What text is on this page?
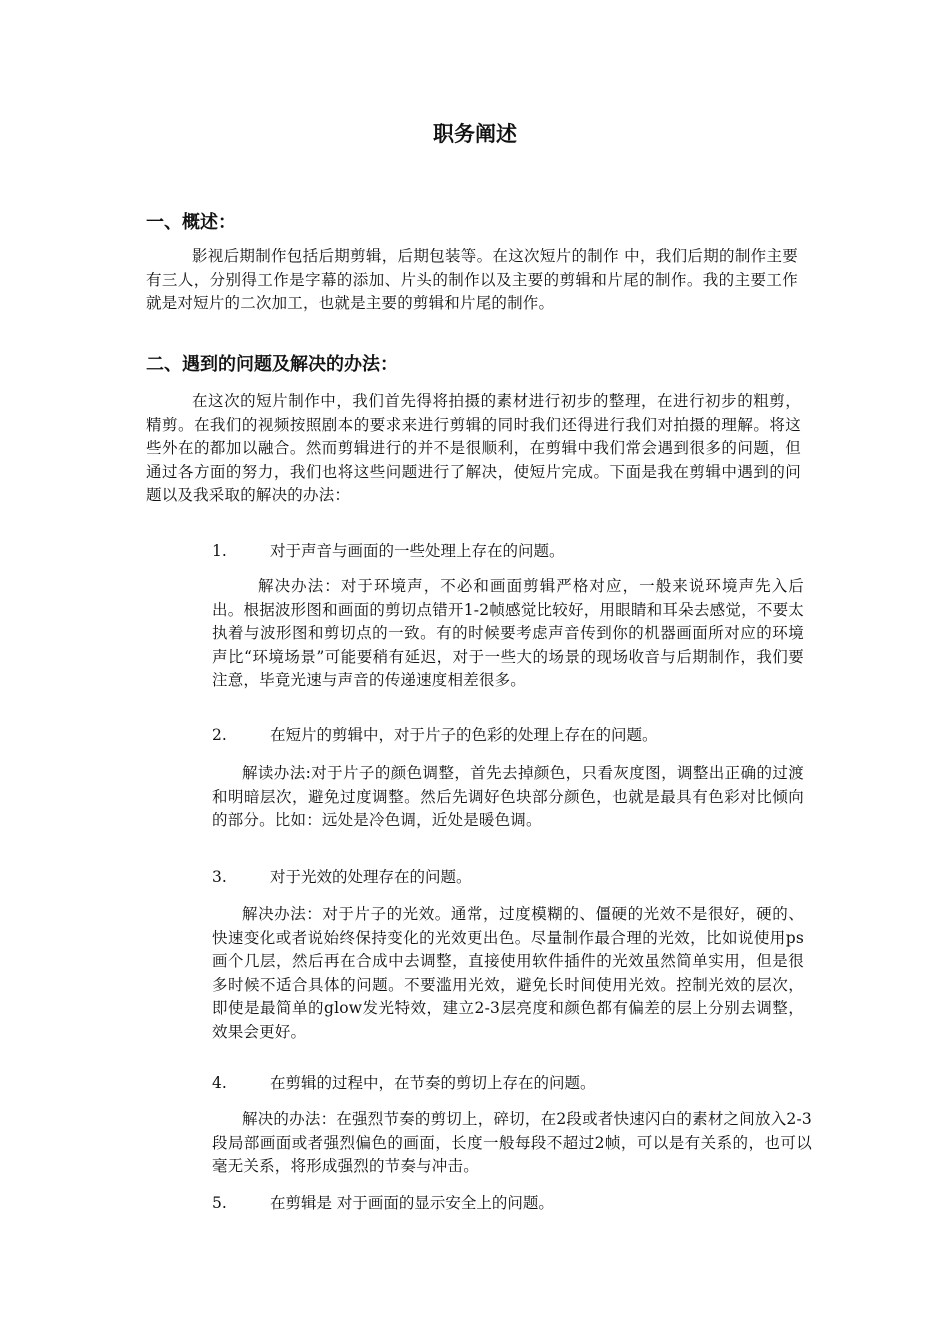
职务阐述
一、概述：

影视后期制作包括后期剪辑，后期包装等。在这次短片的制作 中，我们后期的制作主要有三人，分别得工作是字幕的添加、片头的制作以及主要的剪辑和片尾的制作。我的主要工作就是对短片的二次加工，也就是主要的剪辑和片尾的制作。

二、遇到的问题及解决的办法：

在这次的短片制作中，我们首先得将拍摄的素材进行初步的整理，在进行初步的粗剪，精剪。在我们的视频按照剧本的要求来进行剪辑的同时我们还得进行我们对拍摄的理解。将这些外在的都加以融合。然而剪辑进行的并不是很顺利，在剪辑中我们常会遇到很多的问题，但通过各方面的努力，我们也将这些问题进行了解决，使短片完成。下面是我在剪辑中遇到的问题以及我采取的解决的办法：

1.	对于声音与画面的一些处理上存在的问题。

解决办法：对于环境声，不必和画面剪辑严格对应，一般来说环境声先入后出。根据波形图和画面的剪切点错开1-2帧感觉比较好，用眼睛和耳朵去感觉，不要太执着与波形图和剪切点的一致。有的时候要考虑声音传到你的机器画面所对应的环境声比“环境场景”可能要稍有延迟，对于一些大的场景的现场收音与后期制作，我们要注意，毕竟光速与声音的传递速度相差很多。

2.	在短片的剪辑中，对于片子的色彩的处理上存在的问题。

解读办法:对于片子的颜色调整，首先去掉颜色，只看灰度图，调整出正确的过渡和明暗层次，避免过度调整。然后先调好色块部分颜色，也就是最具有色彩对比倾向的部分。比如：远处是冷色调，近处是暖色调。

3.	对于光效的处理存在的问题。

解决办法：对于片子的光效。通常，过度模糊的、僵硬的光效不是很好，硬的、快速变化或者说始终保持变化的光效更出色。尽量制作最合理的光效，比如说使用ps画个几层，然后再在合成中去调整，直接使用软件插件的光效虽然简单实用，但是很多时候不适合具体的问题。不要滥用光效，避免长时间使用光效。控制光效的层次，即使是最简单的glow发光特效，建立2-3层亮度和颜色都有偏差的层上分别去调整，效果会更好。

4.	在剪辑的过程中，在节奏的剪切上存在的问题。

解决的办法：在强烈节奏的剪切上，碎切，在2段或者快速闪白的素材之间放入2-3段局部画面或者强烈偏色的画面，长度一般每段不超过2帧，可以是有关系的，也可以毫无关系，将形成强烈的节奏与冲击。

5.	在剪辑是 对于画面的显示安全上的问题。
